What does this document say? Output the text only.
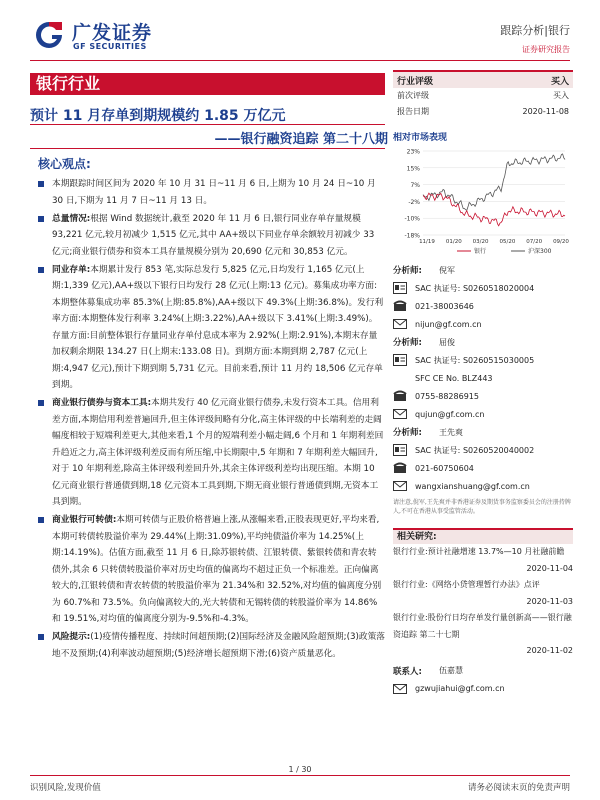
广发证券
GF SECURITIES
跟踪分析|银行
证券研究报告
银行行业
预计 11 月存单到期规模约 1.85 万亿元
——银行融资追踪 第二十八期
核心观点:
本期跟踪时间区间为 2020 年 10 月 31 日~11 月 6 日,上期为 10 月 24 日~10 月 30 日,下期为 11 月 7 日~11 月 13 日。
总量情况:根据 Wind 数据统计,截至 2020 年 11 月 6 日,银行同业存单存量规模 93,221 亿元,较月初减少 1,515 亿元,其中 AA+级以下同业存单余额较月初减少 33 亿元;商业银行债券和资本工具存量规模分别为 20,690 亿元和 30,853 亿元。
同业存单:本期累计发行 853 笔,实际总发行 5,825 亿元,日均发行 1,165 亿元(上期:1,339 亿元),AA+级以下银行日均发行 28 亿元(上期:13 亿元)。募集成功率方面:本期整体募集成功率 85.3%(上期:85.8%),AA+级以下 49.3%(上期:36.8%)。发行利率方面:本期整体发行利率 3.24%(上期:3.22%),AA+级以下 3.41%(上期:3.49%)。存量方面:目前整体银行存量同业存单付息成本率为 2.92%(上期:2.91%),本期末存量加权剩余期限 134.27 日(上期末:133.08 日)。到期方面:本期到期 2,787 亿元(上期:4,947 亿元),预计下期到期 5,731 亿元。目前来看,预计 11 月约 18,506 亿元存单到期。
商业银行债券与资本工具:本期共发行 40 亿元商业银行债券,未发行资本工具。信用利差方面,本期信用利差普遍回升,但主体评级间略有分化,高主体评级的中长端利差的走阔幅度相较于短端利差更大,其他来看,1 个月的短端利差小幅走阔,6 个月和 1 年期利差回升趋近之力,高主体评级利差反而有所压缩,中长期限中,5 年期和 7 年期利差大幅回升,对于 10 年期利差,除高主体评级利差回升外,其余主体评级利差均出现压缩。本期 10 亿元商业银行普通债到期,18 亿元资本工具到期,下期无商业银行普通债到期,无资本工具到期。
商业银行可转债:本期可转债与正股价格普遍上涨,从涨幅来看,正股表现更好,平均来看,本期可转债转股溢价率为 29.44%(上期:31.09%),平均纯债溢价率为 14.25%(上期:14.19%)。估值方面,截至 11 月 6 日,除苏银转债、江银转债、紫银转债和青农转债外,其余 6 只转债转股溢价率对历史均值的偏离均不超过正负一个标准差。正向偏离较大的,江银转债和青农转债的转股溢价率为 21.34%和 32.52%,对均值的偏离度分别为 60.7%和 73.5%。负向偏离较大的,光大转债和无锡转债的转股溢价率为 14.86%和 19.51%,对均值的偏离度分别为-9.5%和-4.3%。
风险提示:(1)疫情传播程度、持续时间超预期;(2)国际经济及金融风险超预期;(3)政策落地不及预期;(4)利率波动超预期;(5)经济增长超预期下滑;(6)资产质量恶化。
行业评级	买入
前次评级	买入
报告日期	2020-11-08
相对市场表现
23%
15%
7%
-2%
-10%
-18%
11/19 01/20 03/20 05/20 07/20 09/20
银行	沪深300
分析师:	倪军
SAC 执证号:
S0260518020004
021-38003646
nijun@gf.com.cn
分析师:	屈俊
SAC 执证号:
S0260515030005
SFC CE No. BLZ443
0755-88286915
qujun@gf.com.cn
分析师:	王先爽
SAC 执证号:
S0260520040002
021-60750604
wangxianshuang@gf.com.cn
请注意,倪军,王先爽并非香港证券及期货事务监察委员会的注册持牌人,不可在香港从事受监管活动。
相关研究:
银行行业:预计社融增速 13.7%—10 月社融前瞻
2020-11-04
银行行业:《网络小贷管理暂行办法》点评
2020-11-03
银行行业:股份行日均存单发行量创新高——银行融资追踪 第二十七期
2020-11-02
联系人:	伍嘉慧
gzwujiahui@gf.com.cn
1 / 30
识别风险,发现价值	请务必阅读末页的免责声明
